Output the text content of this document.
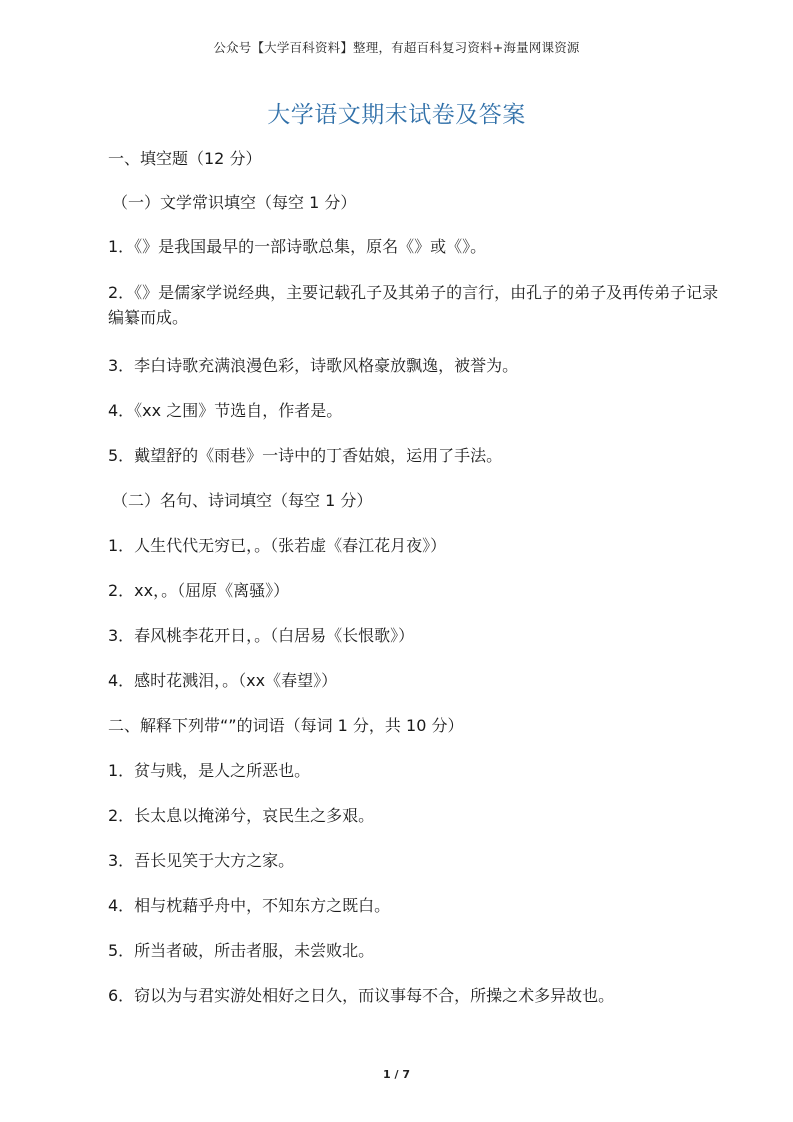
公众号【大学百科资料】整理，有超百科复习资料+海量网课资源
大学语文期末试卷及答案
一、填空题（12 分）
（一）文学常识填空（每空 1 分）
1．《》是我国最早的一部诗歌总集，原名《》或《》。
2．《》是儒家学说经典，主要记载孔子及其弟子的言行，由孔子的弟子及再传弟子记录编纂而成。
3．李白诗歌充满浪漫色彩，诗歌风格豪放飘逸，被誉为。
4．《xx 之围》节选自，作者是。
5．戴望舒的《雨巷》一诗中的丁香姑娘，运用了手法。
（二）名句、诗词填空（每空 1 分）
1．人生代代无穷已，。（张若虚《春江花月夜》）
2．xx，。（屈原《离骚》）
3．春风桃李花开日，。（白居易《长恨歌》）
4．感时花溅泪，。（xx《春望》）
二、解释下列带“”的词语（每词 1 分，共 10 分）
1．贫与贱，是人之所恶也。
2．长太息以掩涕兮，哀民生之多艰。
3．吾长见笑于大方之家。
4．相与枕藉乎舟中，不知东方之既白。
5．所当者破，所击者服，未尝败北。
6．窃以为与君实游处相好之日久，而议事每不合，所操之术多异故也。
1 / 7
